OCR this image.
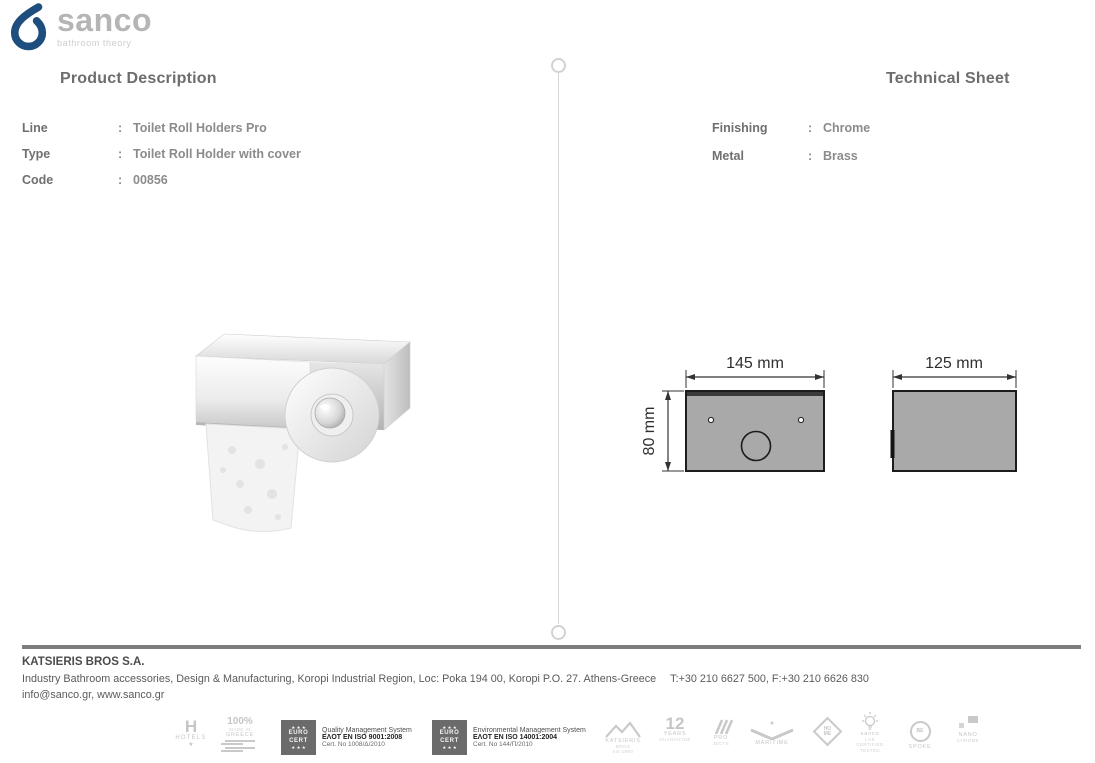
sanco
bathroom theory
Product Description	Technical Sheet
Line	: Toilet Roll Holders Pro
Type	: Toilet Roll Holder with cover
Code	: 00856
Finishing	: Chrome
Metal	: Brass
145 mm
80 mm
125 mm
KATSIERIS BROS S.A.
Industry Bathroom accessories, Design & Manufacturing, Koropi Industrial Region, Loc: Poka 194 00, Koropi P.O. 27. Athens-Greece T:+30 210 6627 500, F:+30 210 6626 830
info@sanco.gr, www.sanco.gr
H
HOTELS
★
100%
MADE IN
GREECE
★ ★ ★
EURO
CERT
★ ★ ★
Quality Management System
EΛOT EN ISO 9001:2008
Cert. No 1008/Δ/2010
★ ★ ★
EURO
CERT
★ ★ ★
Environmental Management System
EΛOT EN ISO 14001:2004
Cert. No 144/Π/2010	KATSIERIS
BROS
est 1980
12
YEARS
GUARANTEE	PRO
JECTS
★
MARITIME
HO
ME	sanco
LAB
CERTIFIED
TESTED
BE
SPOKE
NANO
CHROME
